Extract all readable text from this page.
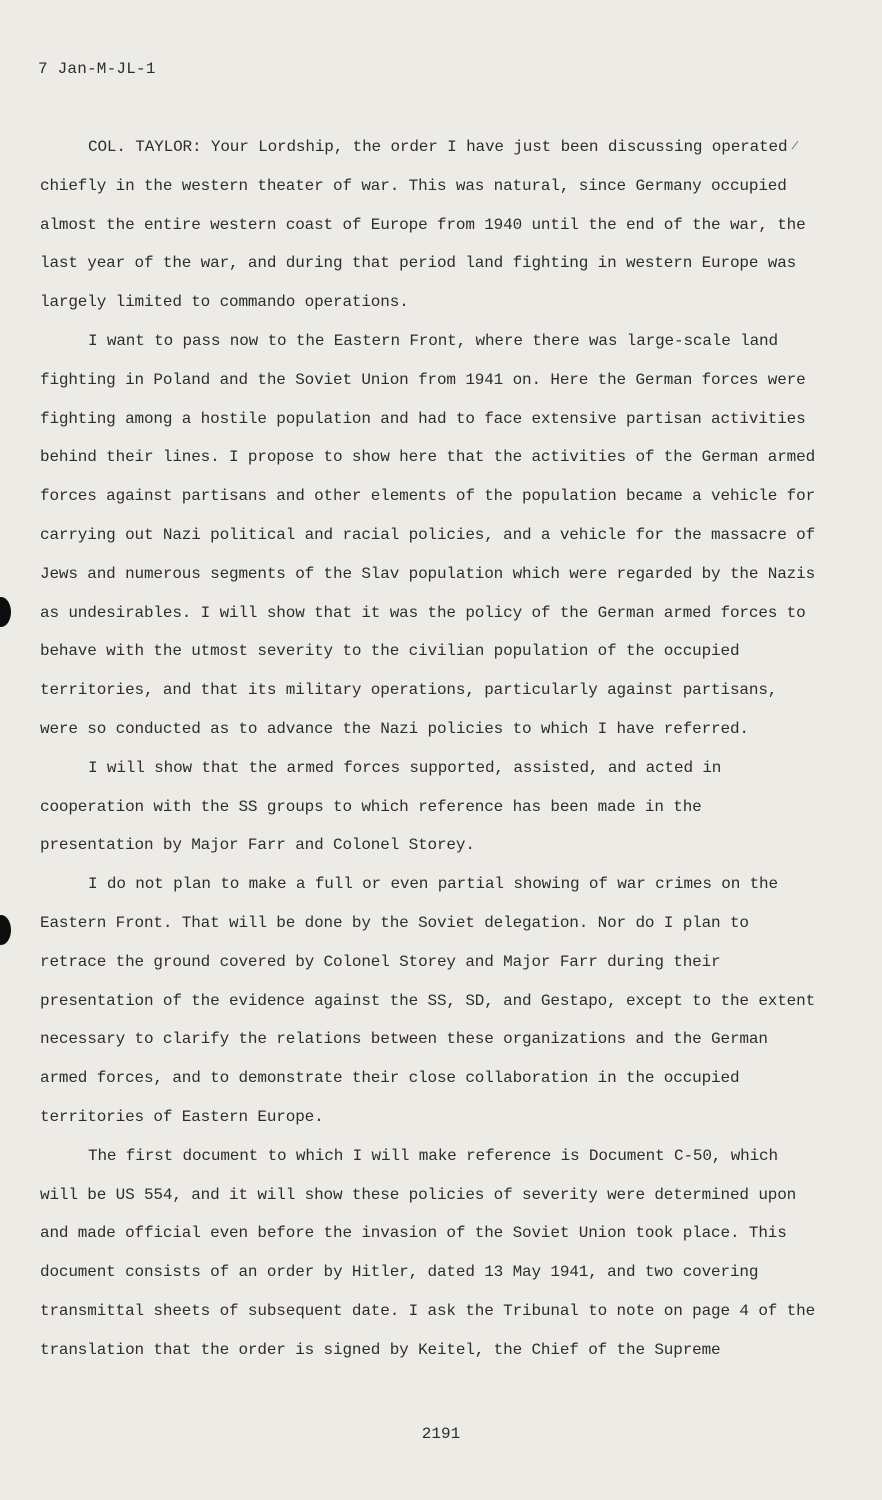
7 Jan-M-JL-1
/

COL. TAYLOR: Your Lordship, the order I have just been discussing operated chiefly in the western theater of war. This was natural, since Germany occupied almost the entire western coast of Europe from 1940 until the end of the war, the last year of the war, and during that period land fighting in western Europe was largely limited to commando operations.

I want to pass now to the Eastern Front, where there was large-scale land fighting in Poland and the Soviet Union from 1941 on. Here the German forces were fighting among a hostile population and had to face extensive partisan activities behind their lines. I propose to show here that the activities of the German armed forces against partisans and other elements of the population became a vehicle for carrying out Nazi political and racial policies, and a vehicle for the massacre of Jews and numerous segments of the Slav population which were regarded by the Nazis as undesirables. I will show that it was the policy of the German armed forces to behave with the utmost severity to the civilian population of the occupied territories, and that its military operations, particularly against partisans, were so conducted as to advance the Nazi policies to which I have referred.

I will show that the armed forces supported, assisted, and acted in cooperation with the SS groups to which reference has been made in the presentation by Major Farr and Colonel Storey.

I do not plan to make a full or even partial showing of war crimes on the Eastern Front. That will be done by the Soviet delegation. Nor do I plan to retrace the ground covered by Colonel Storey and Major Farr during their presentation of the evidence against the SS, SD, and Gestapo, except to the extent necessary to clarify the relations between these organizations and the German armed forces, and to demonstrate their close collaboration in the occupied territories of Eastern Europe.

The first document to which I will make reference is Document C-50, which will be US 554, and it will show these policies of severity were determined upon and made official even before the invasion of the Soviet Union took place. This document consists of an order by Hitler, dated 13 May 1941, and two covering transmittal sheets of subsequent date. I ask the Tribunal to note on page 4 of the translation that the order is signed by Keitel, the Chief of the Supreme

2191
